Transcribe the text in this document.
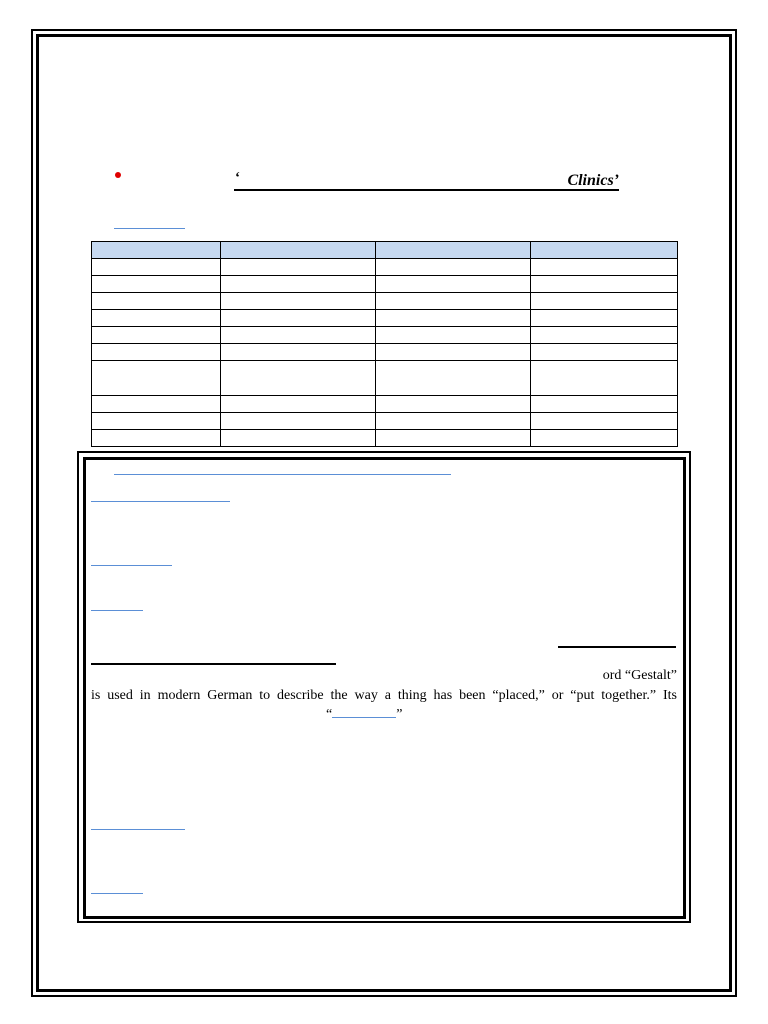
‘	Clinics’

ord “Gestalt”
is used in modern German to describe the way a thing has been “placed,” or “put together.” Its
“	”
